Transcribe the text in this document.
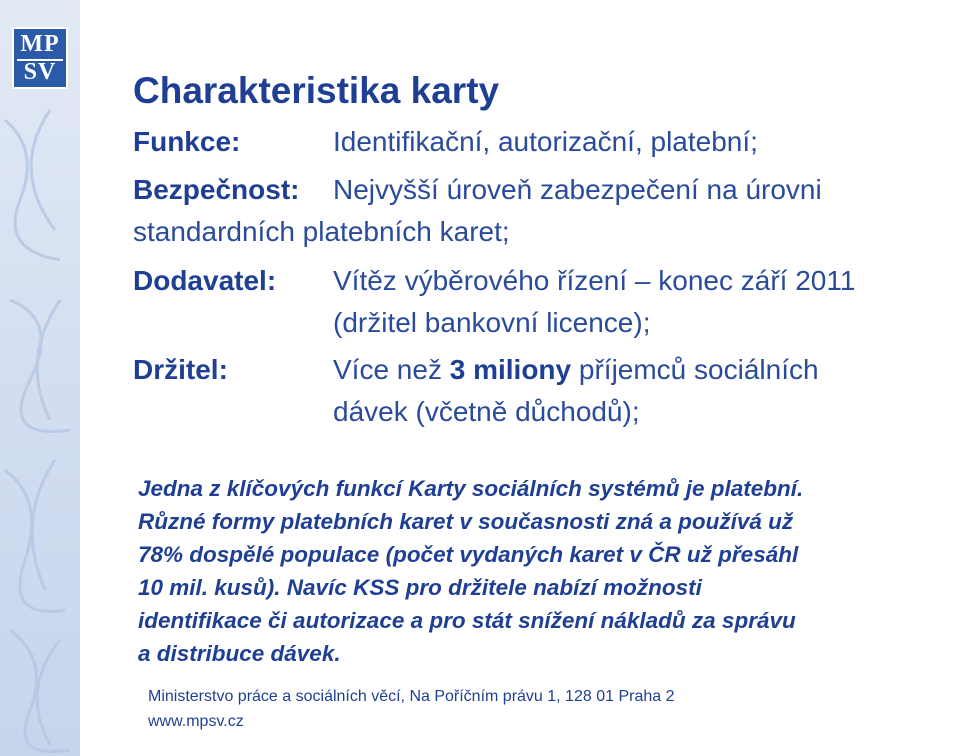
MP
SV Charakteristika karty
Funkce:	Identifikační, autorizační, platební;
Bezpečnost: Nejvyšší úroveň zabezpečení na úrovni
standardních platebních karet;
Dodavatel: Vítěz výběrového řízení – konec září 2011
(držitel bankovní licence);
Držitel:	Více než 3 miliony příjemců sociálních
dávek (včetně důchodů);
Jedna z klíčových funkcí Karty sociálních systémů je platební.
Různé formy platebních karet v současnosti zná a používá už
78% dospělé populace (počet vydaných karet v ČR už přesáhl
10 mil. kusů). Navíc KSS pro držitele nabízí možnosti
identifikace či autorizace a pro stát snížení nákladů za správu
a distribuce dávek.
Ministerstvo práce a sociálních věcí, Na Poříčním právu 1, 128 01 Praha 2
www.mpsv.cz
